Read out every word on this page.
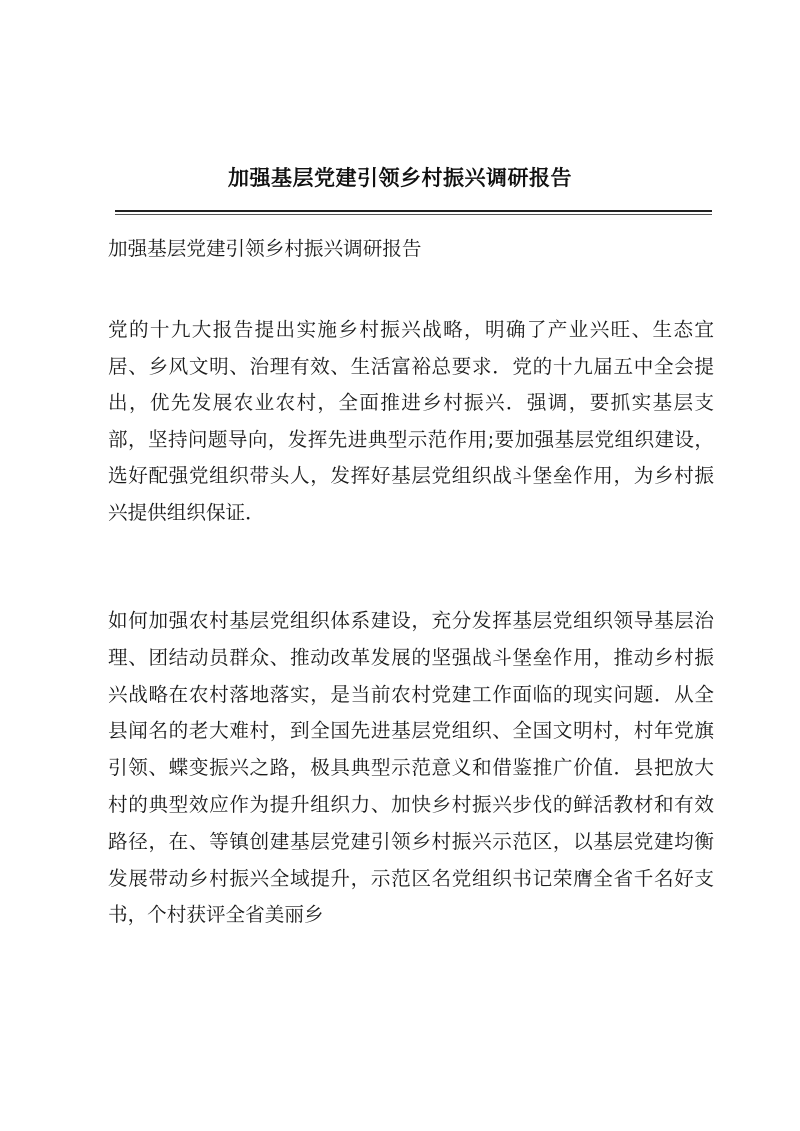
加强基层党建引领乡村振兴调研报告

加强基层党建引领乡村振兴调研报告

党的十九大报告提出实施乡村振兴战略，明确了产业兴旺、生态宜居、乡风文明、治理有效、生活富裕总要求．党的十九届五中全会提出，优先发展农业农村，全面推进乡村振兴．强调，要抓实基层支部，坚持问题导向，发挥先进典型示范作用;要加强基层党组织建设，选好配强党组织带头人，发挥好基层党组织战斗堡垒作用，为乡村振兴提供组织保证．

如何加强农村基层党组织体系建设，充分发挥基层党组织领导基层治理、团结动员群众、推动改革发展的坚强战斗堡垒作用，推动乡村振兴战略在农村落地落实，是当前农村党建工作面临的现实问题．从全县闻名的老大难村，到全国先进基层党组织、全国文明村，村年党旗引领、蝶变振兴之路，极具典型示范意义和借鉴推广价值．县把放大村的典型效应作为提升组织力、加快乡村振兴步伐的鲜活教材和有效路径，在、等镇创建基层党建引领乡村振兴示范区，以基层党建均衡发展带动乡村振兴全域提升，示范区名党组织书记荣膺全省千名好支书，个村获评全省美丽乡
